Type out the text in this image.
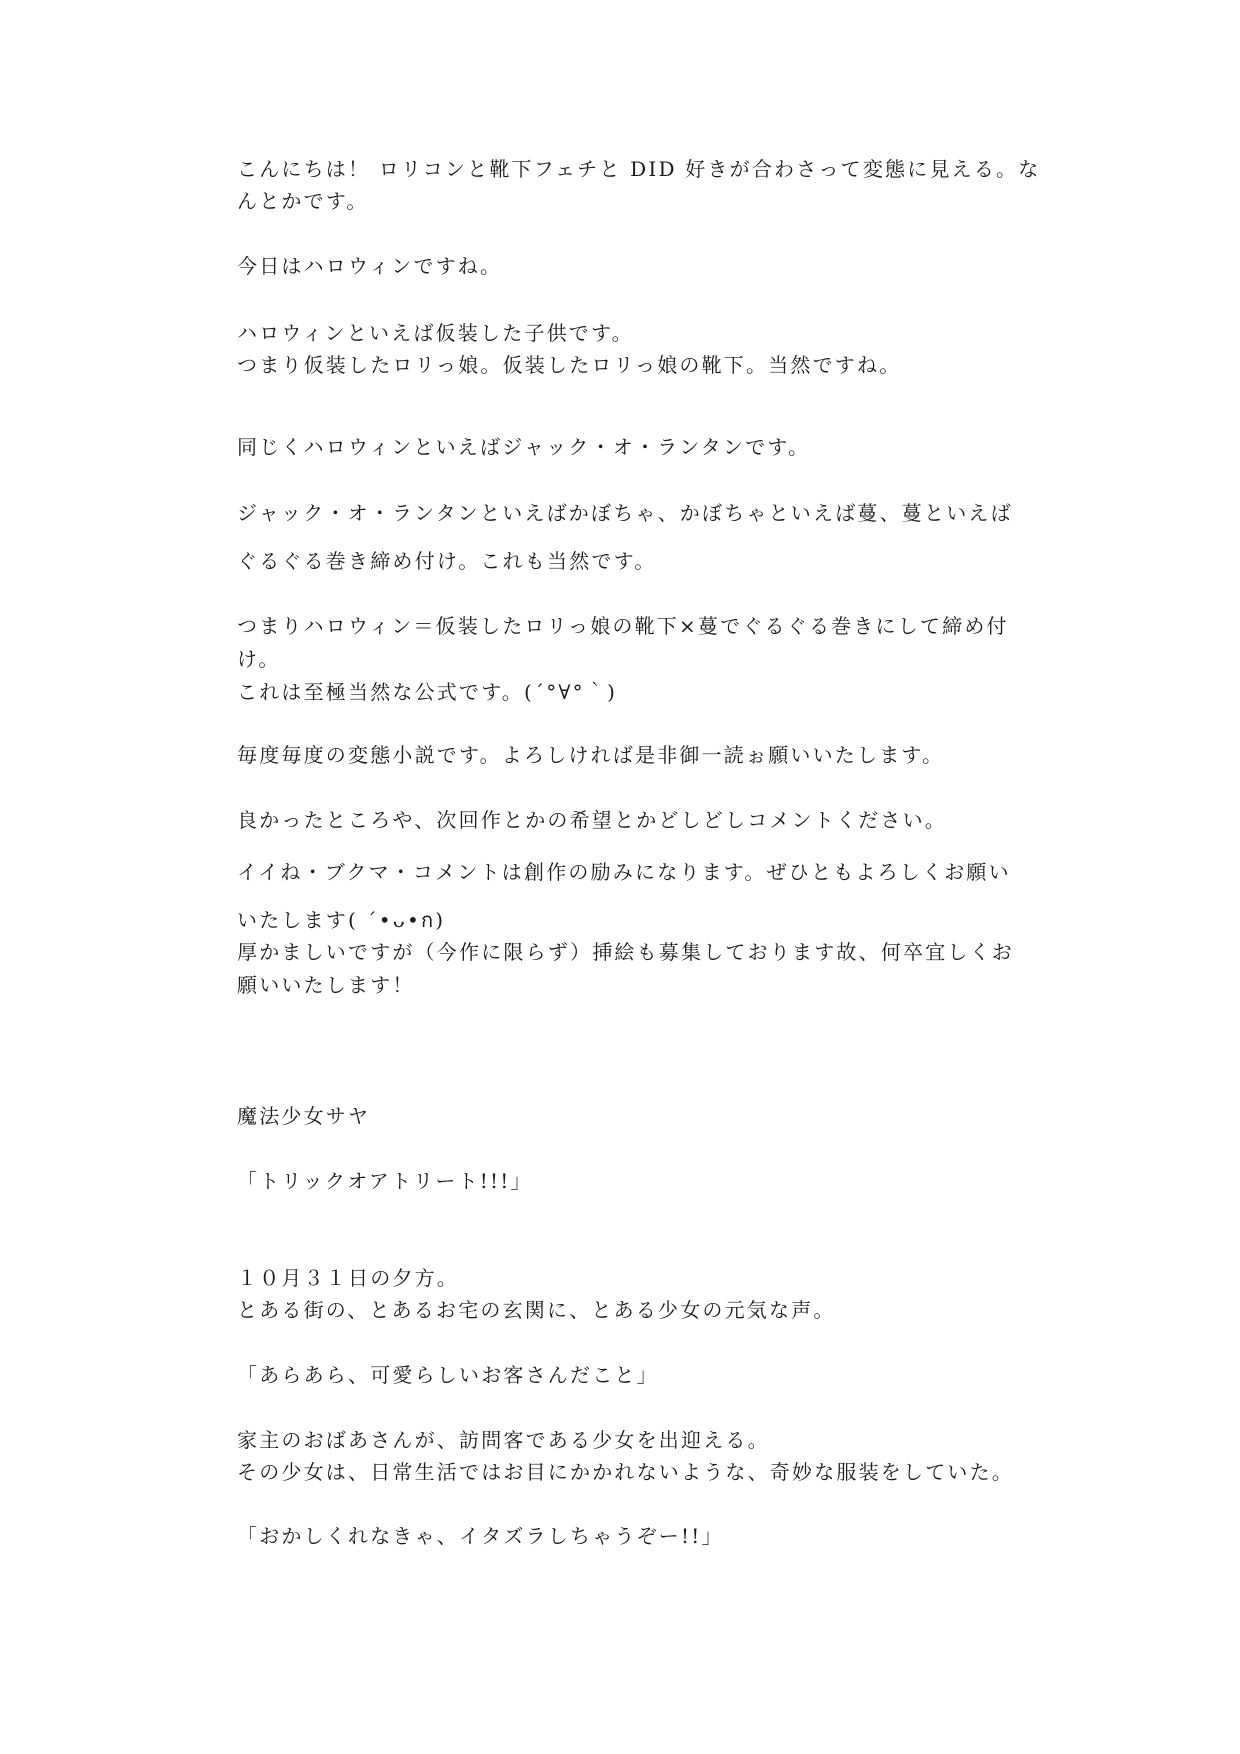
こんにちは！ ロリコンと靴下フェチと DID 好きが合わさって変態に見える。な
んとかです。
今日はハロウィンですね。
ハロウィンといえば仮装した子供です。
つまり仮装したロリっ娘。仮装したロリっ娘の靴下。当然ですね。
同じくハロウィンといえばジャック・オ・ランタンです。
ジャック・オ・ランタンといえばかぼちゃ、かぼちゃといえば蔓、蔓といえば
ぐるぐる巻き締め付け。これも当然です。
つまりハロウィン＝仮装したロリっ娘の靴下×蔓でぐるぐる巻きにして締め付
け。
これは至極当然な公式です。(´°∀°｀)
毎度毎度の変態小説です。よろしければ是非御一読ぉ願いいたします。
良かったところや、次回作とかの希望とかどしどしコメントください。
イイね・ブクマ・コメントは創作の励みになります。ぜひともよろしくお願い
いたします( ´•ᴗ•ก)
厚かましいですが（今作に限らず）挿絵も募集しております故、何卒宜しくお
願いいたします！
魔法少女サヤ
「トリックオアトリート!!!」
１０月３１日の夕方。
とある街の、とあるお宅の玄関に、とある少女の元気な声。
「あらあら、可愛らしいお客さんだこと」
家主のおばあさんが、訪問客である少女を出迎える。
その少女は、日常生活ではお目にかかれないような、奇妙な服装をしていた。
「おかしくれなきゃ、イタズラしちゃうぞー!!」
